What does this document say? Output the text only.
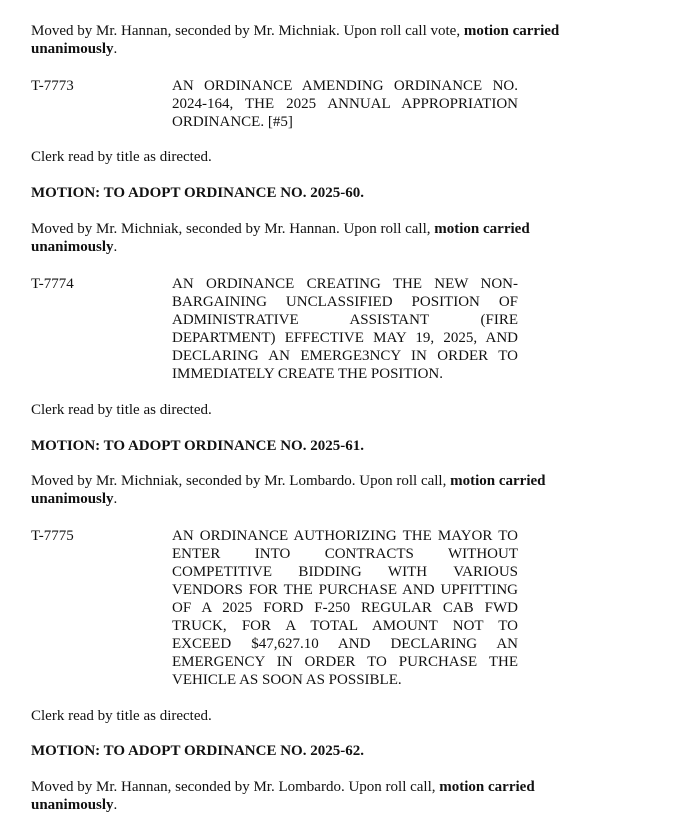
Moved by Mr. Hannan, seconded by Mr. Michniak. Upon roll call vote, motion carried
unanimously.
T-7773	AN ORDINANCE AMENDING ORDINANCE NO.
2024-164, THE 2025 ANNUAL APPROPRIATION
ORDINANCE. [#5]
Clerk read by title as directed.
MOTION: TO ADOPT ORDINANCE NO. 2025-60.
Moved by Mr. Michniak, seconded by Mr. Hannan. Upon roll call, motion carried
unanimously.
T-7774	AN ORDINANCE CREATING THE NEW NON-
BARGAINING UNCLASSIFIED POSITION OF
ADMINISTRATIVE ASSISTANT (FIRE
DEPARTMENT) EFFECTIVE MAY 19, 2025, AND
DECLARING AN EMERGE3NCY IN ORDER TO
IMMEDIATELY CREATE THE POSITION.
Clerk read by title as directed.
MOTION: TO ADOPT ORDINANCE NO. 2025-61.
Moved by Mr. Michniak, seconded by Mr. Lombardo. Upon roll call, motion carried
unanimously.
T-7775	AN ORDINANCE AUTHORIZING THE MAYOR TO
ENTER INTO CONTRACTS WITHOUT
COMPETITIVE BIDDING WITH VARIOUS
VENDORS FOR THE PURCHASE AND UPFITTING
OF A 2025 FORD F-250 REGULAR CAB FWD
TRUCK, FOR A TOTAL AMOUNT NOT TO
EXCEED $47,627.10 AND DECLARING AN
EMERGENCY IN ORDER TO PURCHASE THE
VEHICLE AS SOON AS POSSIBLE.
Clerk read by title as directed.
MOTION: TO ADOPT ORDINANCE NO. 2025-62.
Moved by Mr. Hannan, seconded by Mr. Lombardo. Upon roll call, motion carried
unanimously.
